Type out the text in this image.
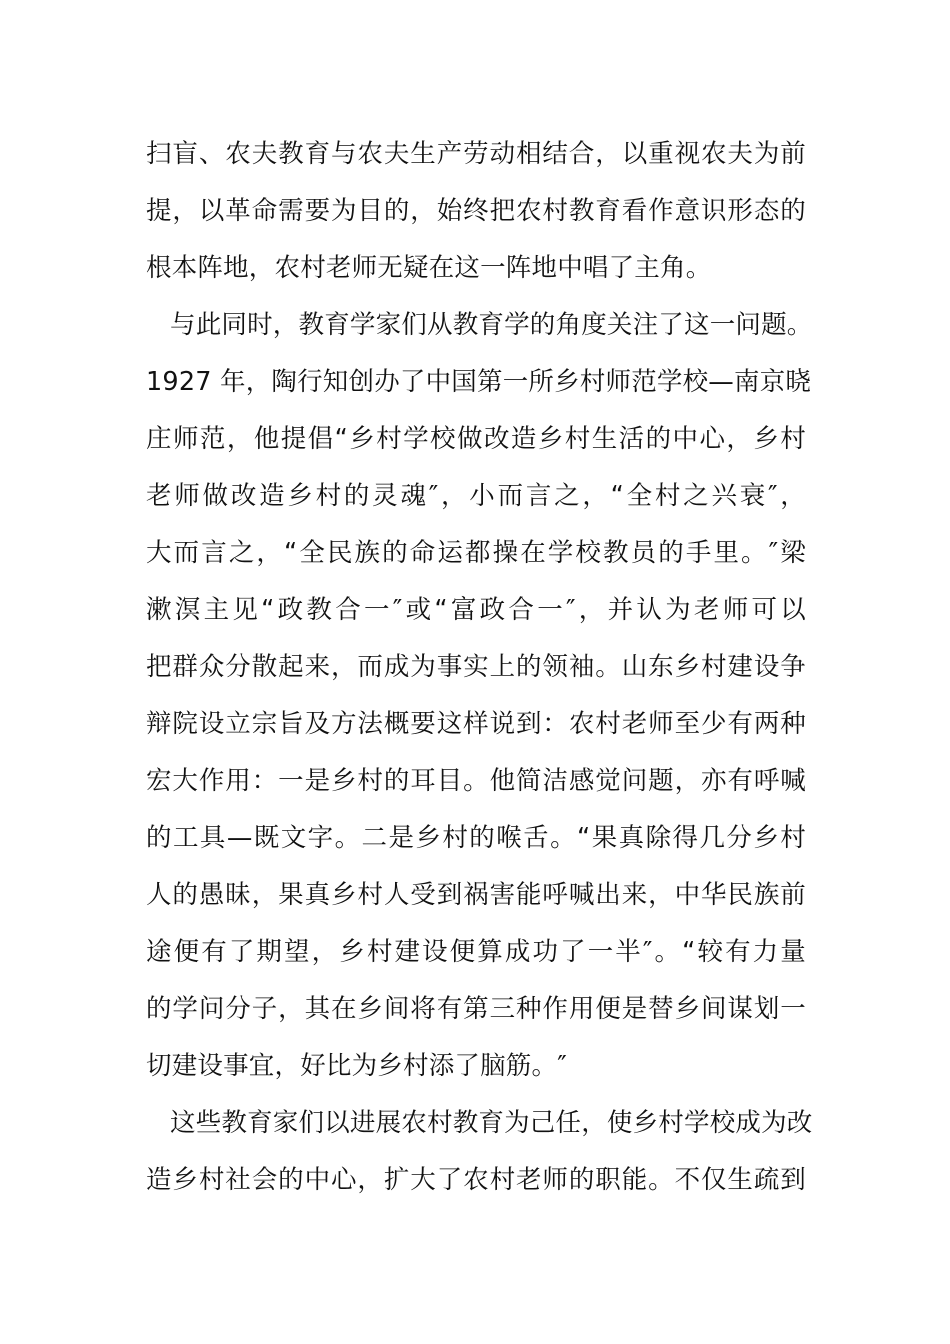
扫盲、农夫教育与农夫生产劳动相结合，以重视农夫为前
提，以革命需要为目的，始终把农村教育看作意识形态的
根本阵地，农村老师无疑在这一阵地中唱了主角。
与此同时，教育学家们从教育学的角度关注了这一问题。
1927 年，陶行知创办了中国第一所乡村师范学校—南京晓
庄师范，他提倡“乡村学校做改造乡村生活的中心，乡村
老师做改造乡村的灵魂″，小而言之，“全村之兴衰″，
大而言之，“全民族的命运都操在学校教员的手里。″梁
漱溟主见“政教合一″或“富政合一″，并认为老师可以
把群众分散起来，而成为事实上的领袖。山东乡村建设争
辩院设立宗旨及方法概要这样说到：农村老师至少有两种
宏大作用：一是乡村的耳目。他简洁感觉问题，亦有呼喊
的工具—既文字。二是乡村的喉舌。“果真除得几分乡村
人的愚昧，果真乡村人受到祸害能呼喊出来，中华民族前
途便有了期望，乡村建设便算成功了一半″。“较有力量
的学问分子，其在乡间将有第三种作用便是替乡间谋划一
切建设事宜，好比为乡村添了脑筋。″
这些教育家们以进展农村教育为己任，使乡村学校成为改
造乡村社会的中心，扩大了农村老师的职能。不仅生疏到
